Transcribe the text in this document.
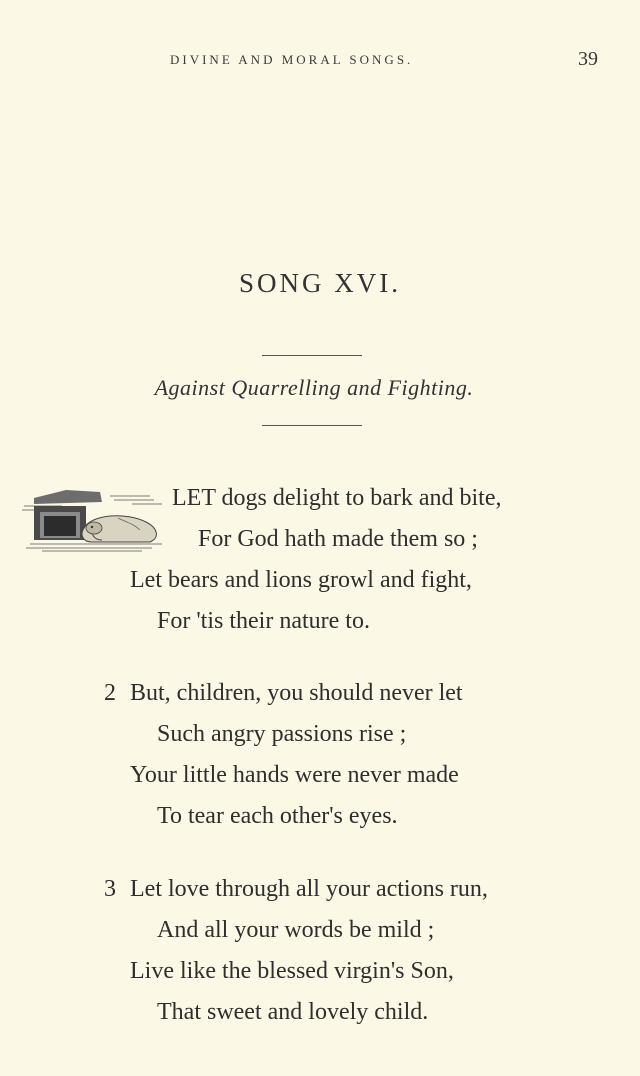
DIVINE AND MORAL SONGS.	39
SONG XVI.
Against Quarrelling and Fighting.
LET dogs delight to bark and bite,
For God hath made them so ;
Let bears and lions growl and fight,
For 'tis their nature to.
2 But, children, you should never let
Such angry passions rise ;
Your little hands were never made
To tear each other's eyes.
3 Let love through all your actions run,
And all your words be mild ;
Live like the blessed virgin's Son,
That sweet and lovely child.
